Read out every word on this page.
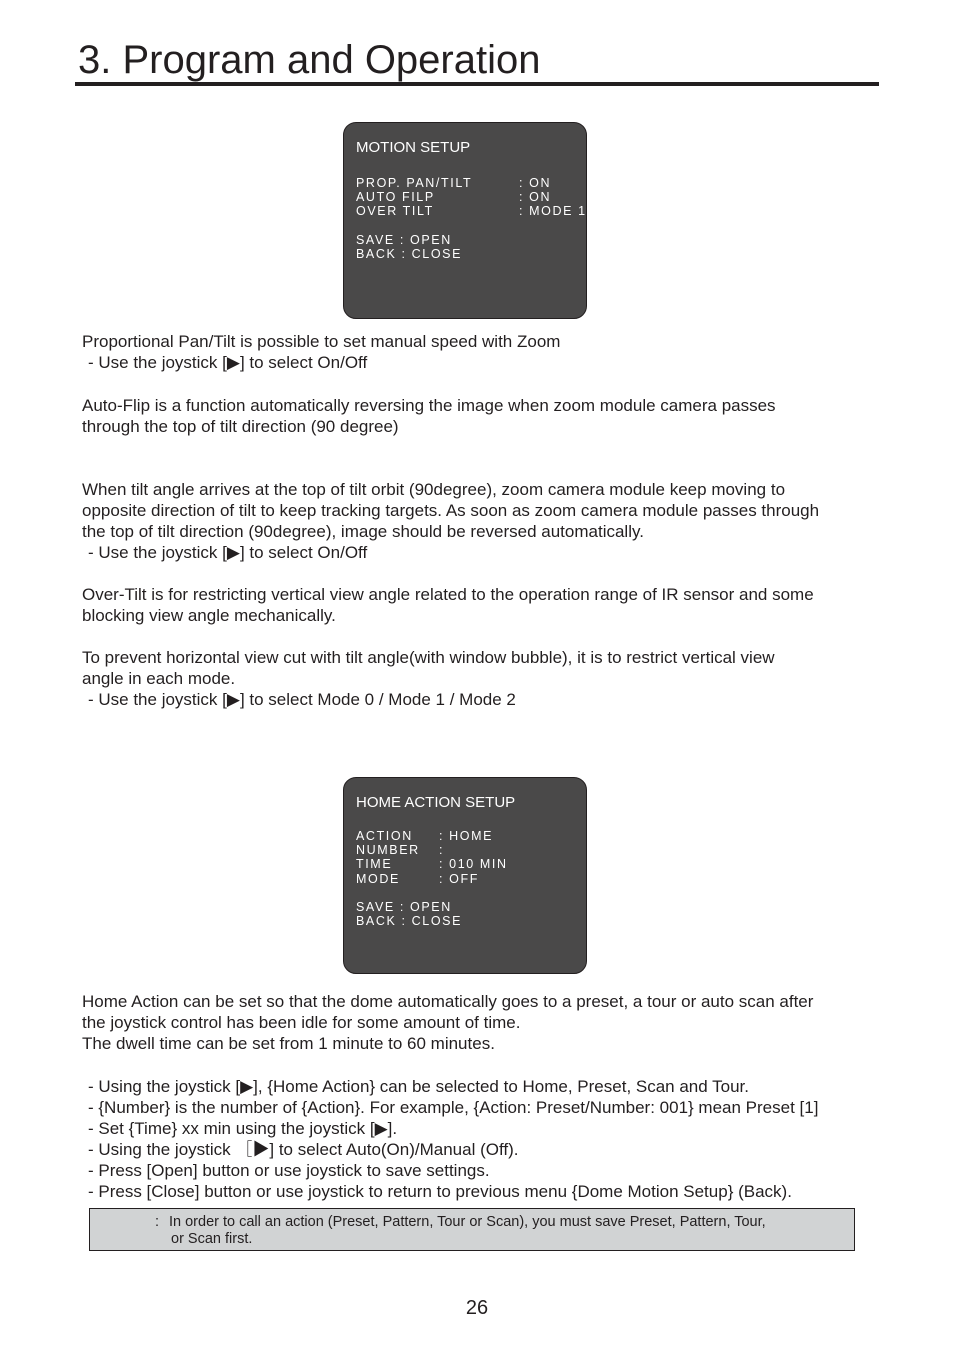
3. Program and Operation
MOTION SETUP
PROP. PAN/TILT	: ON
AUTO FILP	: ON
OVER TILT	: MODE 1
SAVE : OPEN
BACK : CLOSE

Proportional Pan/Tilt is possible to set manual speed with Zoom

- Use the joystick [▶] to select On/Off

Auto-Flip is a function automatically reversing the image when zoom module camera passes

through the top of tilt direction (90 degree)

When tilt angle arrives at the top of tilt orbit (90degree), zoom camera module keep moving to

opposite direction of tilt to keep tracking targets. As soon as zoom camera module passes through

the top of tilt direction (90degree), image should be reversed automatically.

- Use the joystick [▶] to select On/Off

Over-Tilt is for restricting vertical view angle related to the operation range of IR sensor and some

blocking view angle mechanically.

To prevent horizontal view cut with tilt angle(with window bubble), it is to restrict vertical view

angle in each mode.

- Use the joystick [▶] to select Mode 0 / Mode 1 / Mode 2

HOME ACTION SETUP
ACTION : HOME
NUMBER :
TIME	: 010 MIN
MODE	: OFF
SAVE : OPEN
BACK : CLOSE

Home Action can be set so that the dome automatically goes to a preset, a tour or auto scan after

the joystick control has been idle for some amount of time.

The dwell time can be set from 1 minute to 60 minutes.

- Using the joystick [▶], {Home Action} can be selected to Home, Preset, Scan and Tour.

- {Number} is the number of {Action}. For example, {Action: Preset/Number: 001} mean Preset [1]

- Set {Time} xx min using the joystick [▶].

- Using the joystick ［▶] to select Auto(On)/Manual (Off).

- Press [Open] button or use joystick to save settings.

- Press [Close] button or use joystick to return to previous menu {Dome Motion Setup} (Back).

: In order to call an action (Preset, Pattern, Tour or Scan), you must save Preset, Pattern, Tour,
or Scan first.
26
